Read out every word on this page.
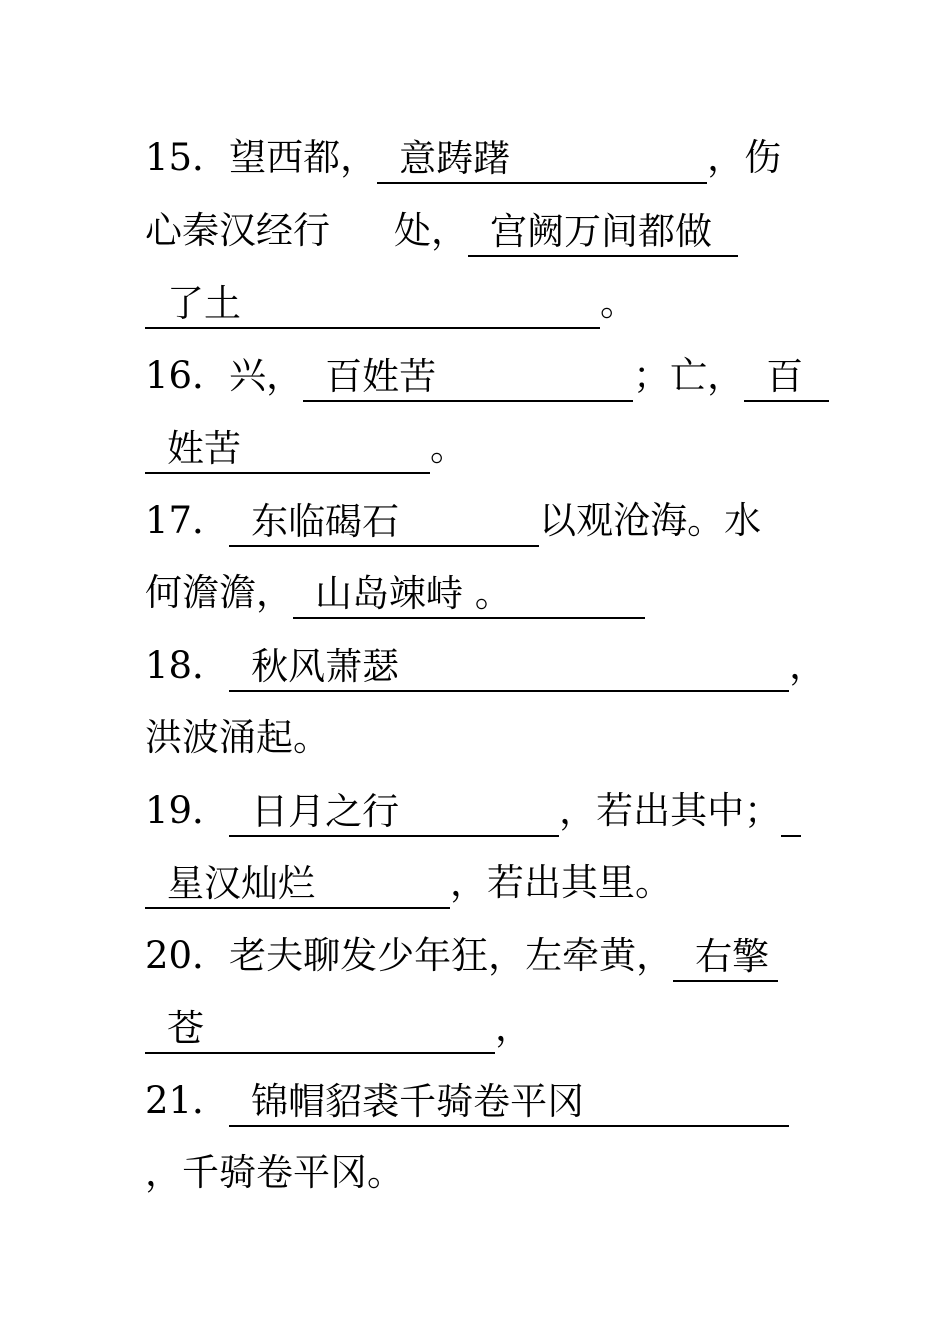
15．望西都，意踌躇	，伤
心秦汉经行 处， 宫阙万间都做
了土	。
16．兴， 百姓苦	；亡， 百
姓苦	。
17． 东临碣石	以观沧海。水
何澹澹， 山岛竦峙 。
18．秋风萧瑟	，
洪波涌起。
19． 日月之行	，若出其中；
星汉灿烂	，若出其里。
20．老夫聊发少年狂，左牵黄， 右擎
苍	，
21． 锦帽貂裘千骑卷平冈
，千骑卷平冈。
